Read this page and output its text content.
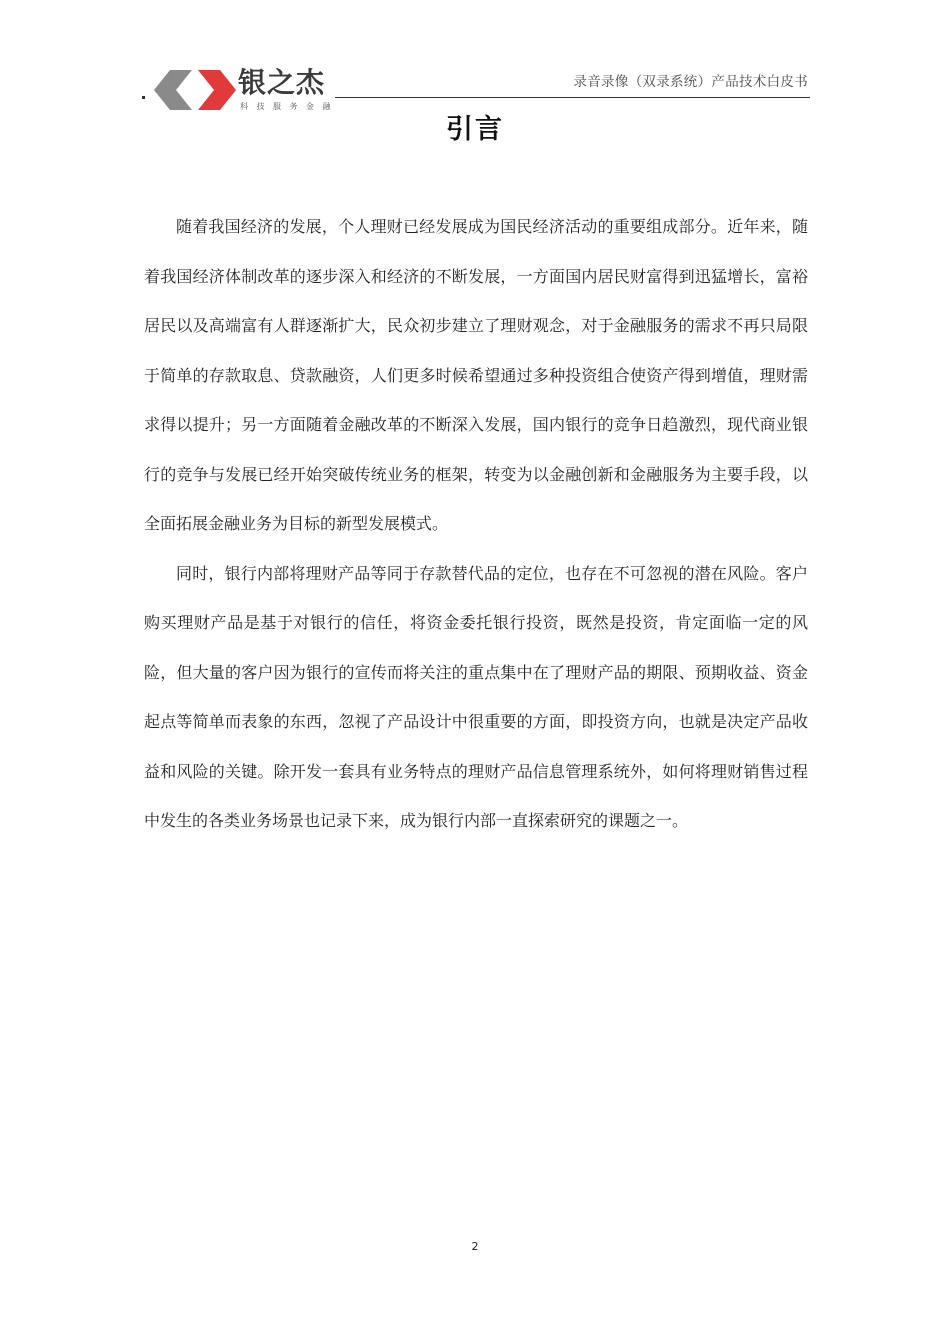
银之杰
科技服务金融
录音录像（双录系统）产品技术白皮书
引言

随着我国经济的发展，个人理财已经发展成为国民经济活动的重要组成部分。近年来，随着我国经济体制改革的逐步深入和经济的不断发展，一方面国内居民财富得到迅猛增长，富裕居民以及高端富有人群逐渐扩大，民众初步建立了理财观念，对于金融服务的需求不再只局限于简单的存款取息、贷款融资，人们更多时候希望通过多种投资组合使资产得到增值，理财需求得以提升；另一方面随着金融改革的不断深入发展，国内银行的竞争日趋激烈，现代商业银行的竞争与发展已经开始突破传统业务的框架，转变为以金融创新和金融服务为主要手段，以全面拓展金融业务为目标的新型发展模式。

同时，银行内部将理财产品等同于存款替代品的定位，也存在不可忽视的潜在风险。客户购买理财产品是基于对银行的信任，将资金委托银行投资，既然是投资，肯定面临一定的风险，但大量的客户因为银行的宣传而将关注的重点集中在了理财产品的期限、预期收益、资金起点等简单而表象的东西，忽视了产品设计中很重要的方面，即投资方向，也就是决定产品收益和风险的关键。除开发一套具有业务特点的理财产品信息管理系统外，如何将理财销售过程中发生的各类业务场景也记录下来，成为银行内部一直探索研究的课题之一。

2
